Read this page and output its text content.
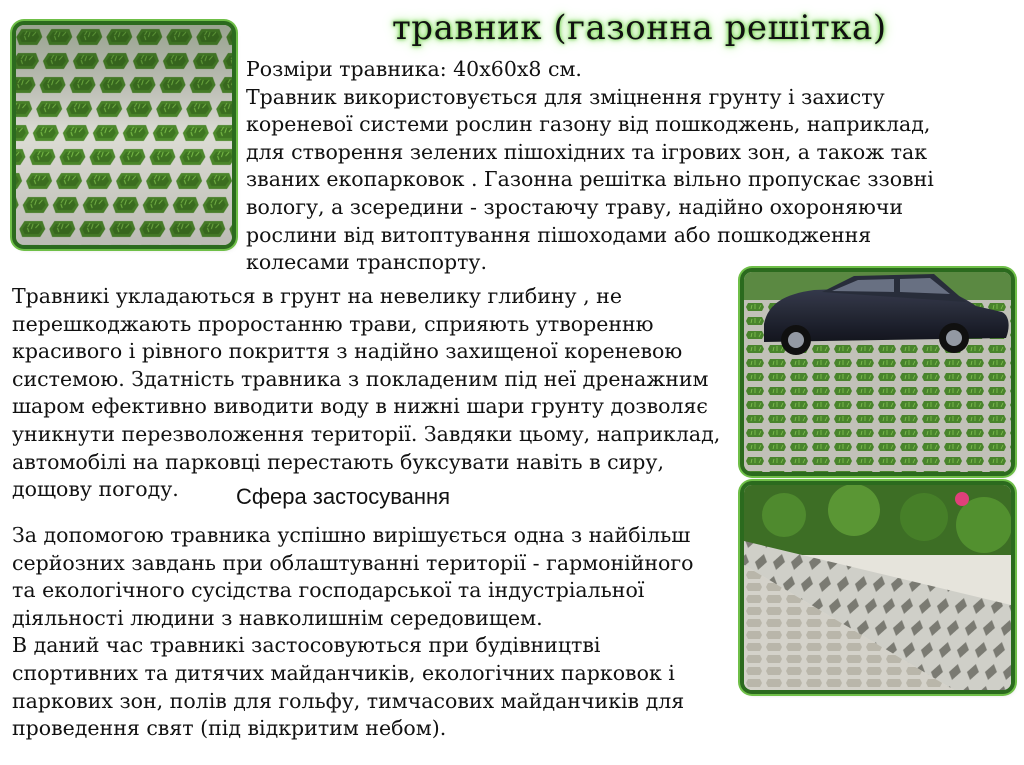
травник (газонна решітка)
Розміри травника: 40х60х8 см.
Травник використовується для зміцнення грунту і захисту
кореневої системи рослин газону від пошкоджень, наприклад,
для створення зелених пішохідних та ігрових зон, а також так
званих екопарковок . Газонна решітка вільно пропускає ззовні
вологу, а зсередини - зростаючу траву, надійно охороняючи
рослини від витоптування пішоходами або пошкодження
колесами транспорту.
Травникі укладаються в грунт на невелику глибину , не
перешкоджають проростанню трави, сприяють утворенню
красивого і рівного покриття з надійно захищеної кореневою
системою. Здатність травника з покладеним під неї дренажним
шаром ефективно виводити воду в нижні шари грунту дозволяє
уникнути перезволоження території. Завдяки цьому, наприклад,
автомобілі на парковці перестають буксувати навіть в сиру,
дощову погоду.	Сфера застосування
За допомогою травника успішно вирішується одна з найбільш
серйозних завдань при облаштуванні території - гармонійного
та екологічного сусідства господарської та індустріальної
діяльності людини з навколишнім середовищем.
В даний час травникі застосовуються при будівництві
спортивних та дитячих майданчиків, екологічних парковок і
паркових зон, полів для гольфу, тимчасових майданчиків для
проведення свят (під відкритим небом).
